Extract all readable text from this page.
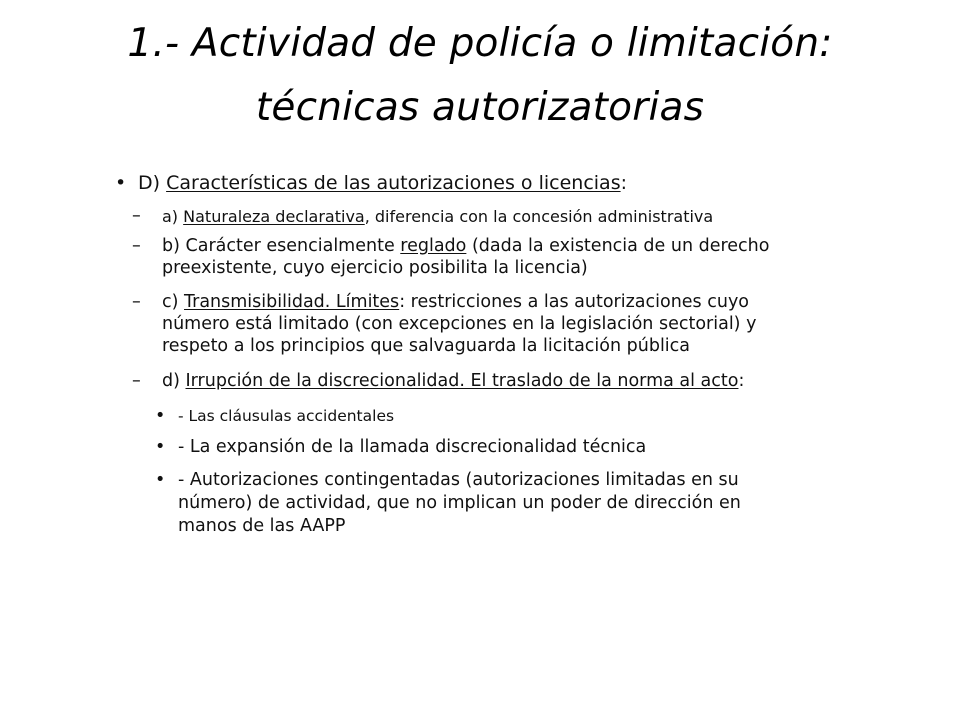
1.- Actividad de policía o limitación:
técnicas autorizatorias
• D) Características de las autorizaciones o licencias:
– a) Naturaleza declarativa, diferencia con la concesión administrativa
– b) Carácter esencialmente reglado (dada la existencia de un derecho
preexistente, cuyo ejercicio posibilita la licencia)
– c) Transmisibilidad. Límites: restricciones a las autorizaciones cuyo
número está limitado (con excepciones en la legislación sectorial) y
respeto a los principios que salvaguarda la licitación pública
– d) Irrupción de la discrecionalidad. El traslado de la norma al acto:
• - Las cláusulas accidentales
• - La expansión de la llamada discrecionalidad técnica
• - Autorizaciones contingentadas (autorizaciones limitadas en su
número) de actividad, que no implican un poder de dirección en
manos de las AAPP
